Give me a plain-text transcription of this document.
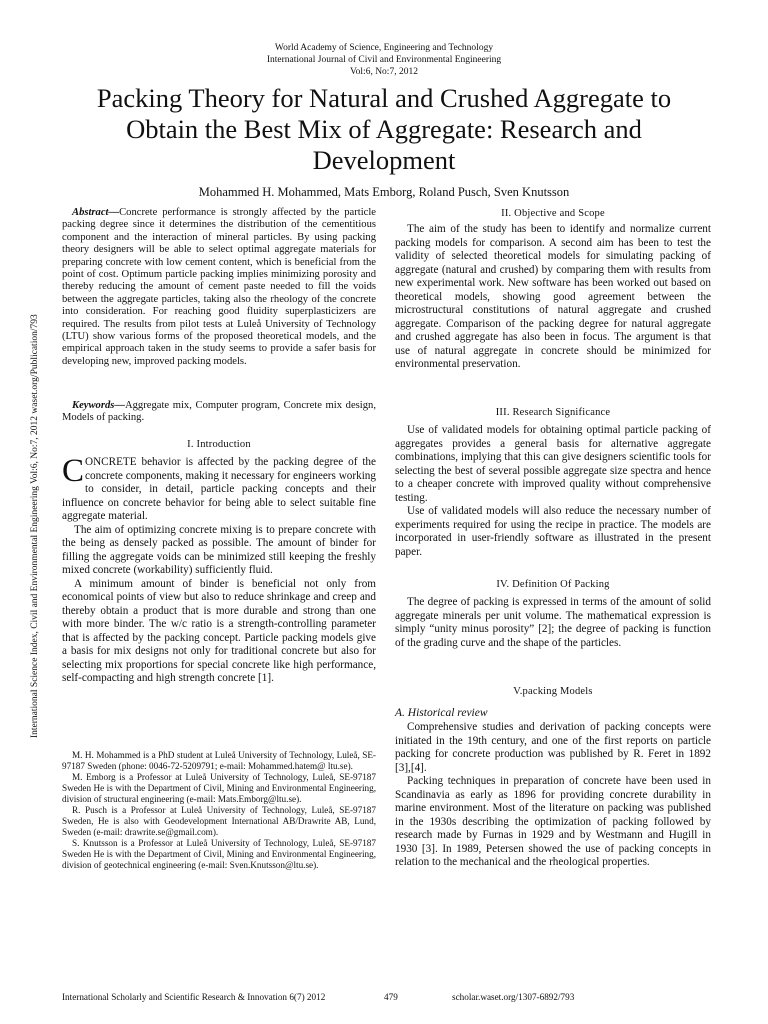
World Academy of Science, Engineering and Technology
International Journal of Civil and Environmental Engineering
Vol:6, No:7, 2012
Packing Theory for Natural and Crushed Aggregate to Obtain the Best Mix of Aggregate: Research and Development
Mohammed H. Mohammed, Mats Emborg, Roland Pusch, Sven Knutsson
International Science Index, Civil and Environmental Engineering Vol:6, No:7, 2012 waset.org/Publication/793

Abstract—Concrete performance is strongly affected by the particle packing degree since it determines the distribution of the cementitious component and the interaction of mineral particles. By using packing theory designers will be able to select optimal aggregate materials for preparing concrete with low cement content, which is beneficial from the point of cost. Optimum particle packing implies minimizing porosity and thereby reducing the amount of cement paste needed to fill the voids between the aggregate particles, taking also the rheology of the concrete into consideration. For reaching good fluidity superplasticizers are required. The results from pilot tests at Luleå University of Technology (LTU) show various forms of the proposed theoretical models, and the empirical approach taken in the study seems to provide a safer basis for developing new, improved packing models.

Keywords—Aggregate mix, Computer program, Concrete mix design, Models of packing.

I. Introduction

CONCRETE behavior is affected by the packing degree of the concrete components, making it necessary for engineers working to consider, in detail, particle packing concepts and their influence on concrete behavior for being able to select suitable fine aggregate material.

The aim of optimizing concrete mixing is to prepare concrete with the being as densely packed as possible. The amount of binder for filling the aggregate voids can be minimized still keeping the freshly mixed concrete (workability) sufficiently fluid.

A minimum amount of binder is beneficial not only from economical points of view but also to reduce shrinkage and creep and thereby obtain a product that is more durable and strong than one with more binder. The w/c ratio is a strength-controlling parameter that is affected by the packing concept. Particle packing models give a basis for mix designs not only for traditional concrete but also for selecting mix proportions for special concrete like high performance, self-compacting and high strength concrete [1].

M. H. Mohammed is a PhD student at Luleå University of Technology, Luleå, SE-97187 Sweden (phone: 0046-72-5209791; e-mail: Mohammed.hatem@ ltu.se).

M. Emborg is a Professor at Luleå University of Technology, Luleå, SE-97187 Sweden He is with the Department of Civil, Mining and Environmental Engineering, division of structural engineering (e-mail: Mats.Emborg@ltu.se).

R. Pusch is a Professor at Luleå University of Technology, Luleå, SE-97187 Sweden, He is also with Geodevelopment International AB/Drawrite AB, Lund, Sweden (e-mail: drawrite.se@gmail.com).

S. Knutsson is a Professor at Luleå University of Technology, Luleå, SE-97187 Sweden He is with the Department of Civil, Mining and Environmental Engineering, division of geotechnical engineering (e-mail: Sven.Knutsson@ltu.se).

II. Objective and Scope

The aim of the study has been to identify and normalize current packing models for comparison. A second aim has been to test the validity of selected theoretical models for simulating packing of aggregate (natural and crushed) by comparing them with results from new experimental work. New software has been worked out based on theoretical models, showing good agreement between the microstructural constitutions of natural aggregate and crushed aggregate. Comparison of the packing degree for natural aggregate and crushed aggregate has also been in focus. The argument is that use of natural aggregate in concrete should be minimized for environmental preservation.

III. Research Significance

Use of validated models for obtaining optimal particle packing of aggregates provides a general basis for alternative aggregate combinations, implying that this can give designers scientific tools for selecting the best of several possible aggregate size spectra and hence to a cheaper concrete with improved quality without comprehensive testing.

Use of validated models will also reduce the necessary number of experiments required for using the recipe in practice. The models are incorporated in user-friendly software as illustrated in the present paper.

IV. Definition Of Packing

The degree of packing is expressed in terms of the amount of solid aggregate minerals per unit volume. The mathematical expression is simply “unity minus porosity” [2]; the degree of packing is function of the grading curve and the shape of the particles.

V.packing Models
A. Historical review

Comprehensive studies and derivation of packing concepts were initiated in the 19th century, and one of the first reports on particle packing for concrete production was published by R. Feret in 1892 [3],[4].

Packing techniques in preparation of concrete have been used in Scandinavia as early as 1896 for providing concrete durability in marine environment. Most of the literature on packing was published in the 1930s describing the optimization of packing followed by research made by Furnas in 1929 and by Westmann and Hugill in 1930 [3]. In 1989, Petersen showed the use of packing concepts in relation to the mechanical and the rheological properties.

International Scholarly and Scientific Research & Innovation 6(7) 2012	479	scholar.waset.org/1307-6892/793
